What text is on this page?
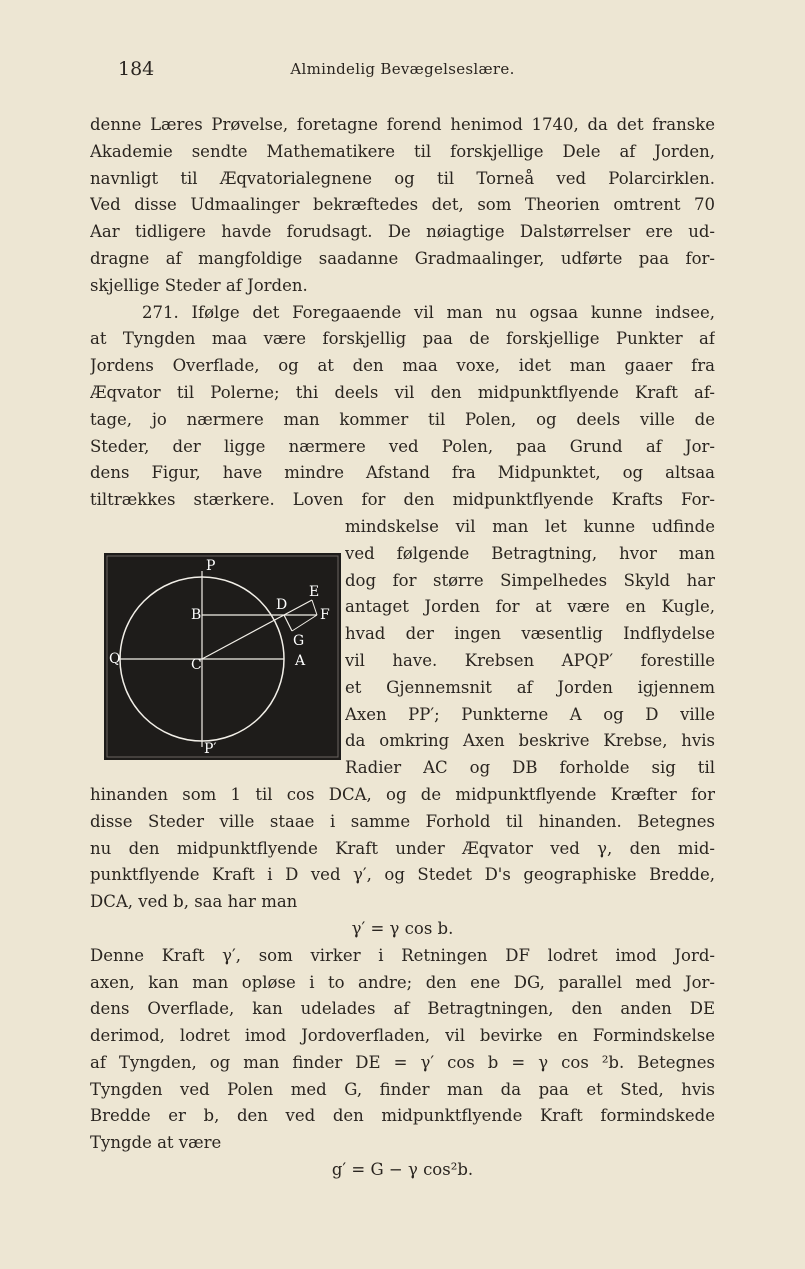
184	Almindelig Bevægelseslære.
denne Læres Prøvelse, foretagne forend henimod 1740, da det franske
Akademie sendte Mathematikere til forskjellige Dele af Jorden,
navnligt til Æqvatorialegnene og til Torneå ved Polarcirklen.
Ved disse Udmaalinger bekræftedes det, som Theorien omtrent 70
Aar tidligere havde forudsagt. De nøiagtige Dalstørrelser ere ud-
dragne af mangfoldige saadanne Gradmaalinger, udførte paa for-
skjellige Steder af Jorden.
271. Ifølge det Foregaaende vil man nu ogsaa kunne indsee,
at Tyngden maa være forskjellig paa de forskjellige Punkter af
Jordens Overflade, og at den maa voxe, idet man gaaer fra
Æqvator til Polerne; thi deels vil den midpunktflyende Kraft af-
tage, jo nærmere man kommer til Polen, og deels ville de
Steder, der ligge nærmere ved Polen, paa Grund af Jor-
dens Figur, have mindre Afstand fra Midpunktet, og altsaa
tiltrækkes stærkere. Loven for den midpunktflyende Krafts For-
mindskelse vil man let kunne udfinde
ved følgende Betragtning, hvor man
dog for større Simpelhedes Skyld har
antaget Jorden for at være en Kugle,
hvad der ingen væsentlig Indflydelse
vil have. Krebsen APQP′ forestille
et Gjennemsnit af Jorden igjennem
Axen PP′; Punkterne A og D ville
da omkring Axen beskrive Krebse, hvis
Radier AC og DB forholde sig til
hinanden som 1 til cos DCA, og de midpunktflyende Kræfter for
disse Steder ville staae i samme Forhold til hinanden. Betegnes
nu den midpunktflyende Kraft under Æqvator ved γ, den mid-
punktflyende Kraft i D ved γ′, og Stedet D's geographiske Bredde,
DCA, ved b, saa har man
γ′ = γ cos b.
Denne Kraft γ′, som virker i Retningen DF lodret imod Jord-
axen, kan man opløse i to andre; den ene DG, parallel med Jor-
dens Overflade, kan udelades af Betragtningen, den anden DE
derimod, lodret imod Jordoverfladen, vil bevirke en Formindskelse
af Tyngden, og man finder DE = γ′ cos b = γ cos ²b. Betegnes
Tyngden ved Polen med G, finder man da paa et Sted, hvis
Bredde er b, den ved den midpunktflyende Kraft formindskede
Tyngde at være
g′ = G − γ cos²b.
P
P′
Q	A
C
B
D
E
F
G
